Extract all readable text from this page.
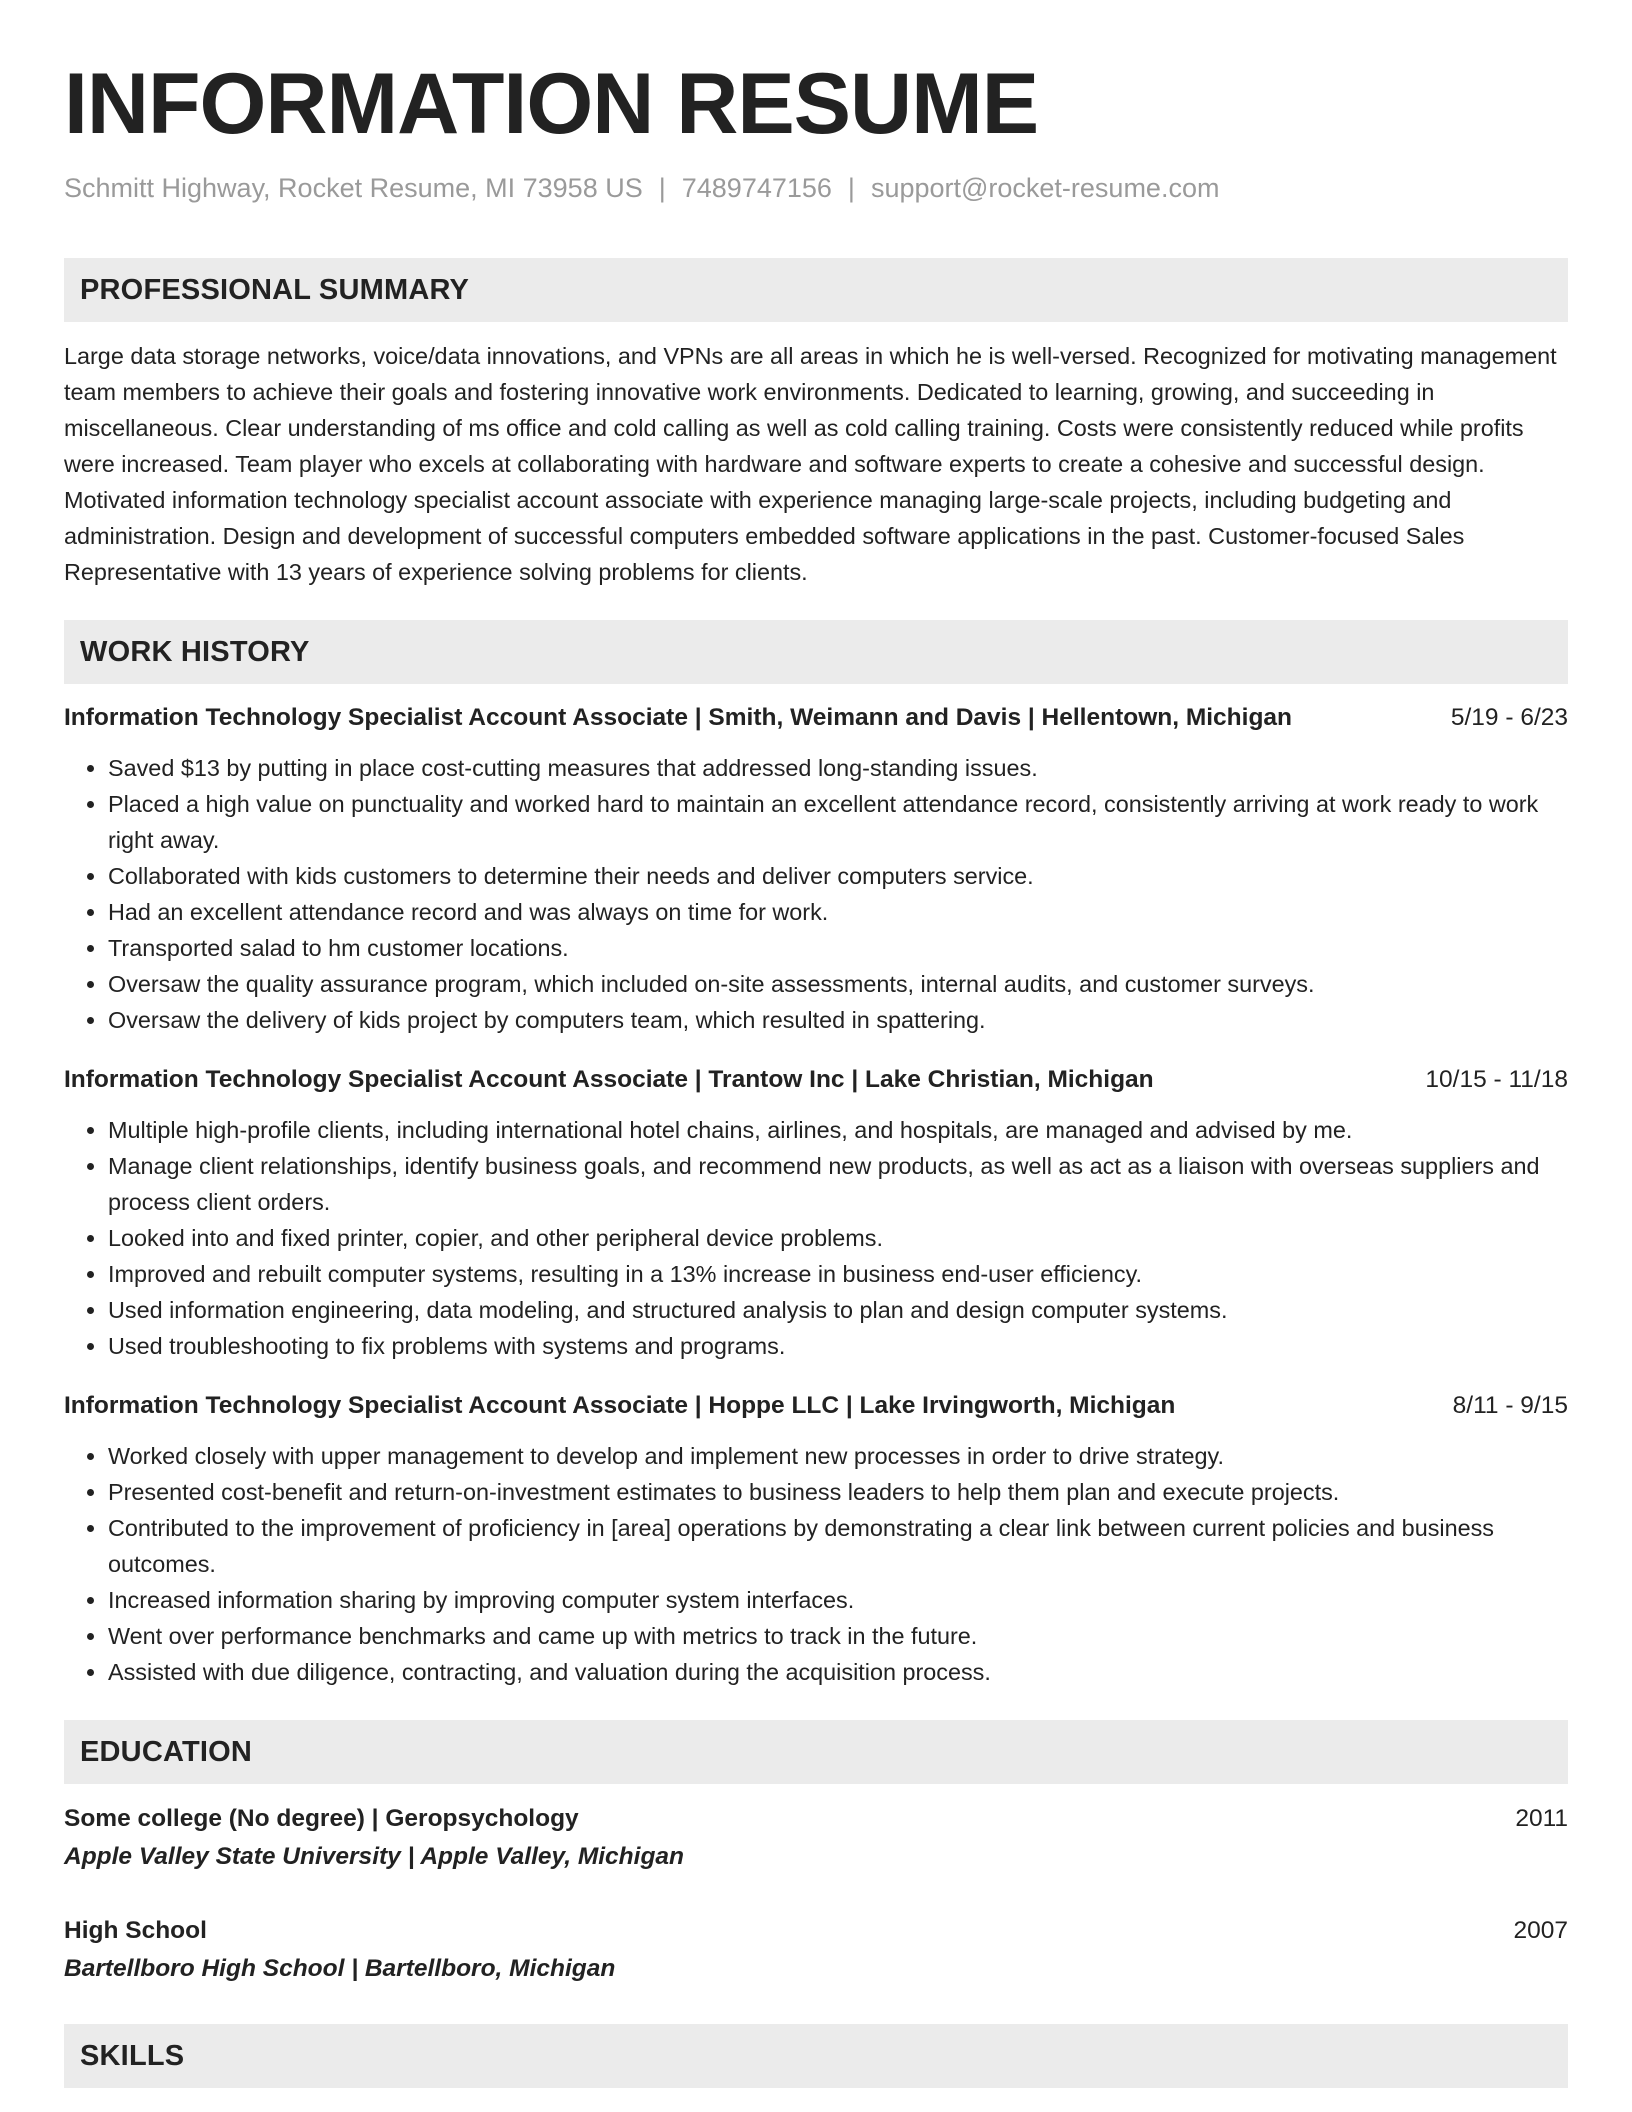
INFORMATION RESUME
Schmitt Highway, Rocket Resume, MI 73958 US | 7489747156 | support@rocket-resume.com
PROFESSIONAL SUMMARY
Large data storage networks, voice/data innovations, and VPNs are all areas in which he is well-versed. Recognized for motivating management team members to achieve their goals and fostering innovative work environments. Dedicated to learning, growing, and succeeding in miscellaneous. Clear understanding of ms office and cold calling as well as cold calling training. Costs were consistently reduced while profits were increased. Team player who excels at collaborating with hardware and software experts to create a cohesive and successful design. Motivated information technology specialist account associate with experience managing large-scale projects, including budgeting and administration. Design and development of successful computers embedded software applications in the past. Customer-focused Sales Representative with 13 years of experience solving problems for clients.
WORK HISTORY
Information Technology Specialist Account Associate | Smith, Weimann and Davis | Hellentown, Michigan	5/19 - 6/23
• Saved $13 by putting in place cost-cutting measures that addressed long-standing issues.
• Placed a high value on punctuality and worked hard to maintain an excellent attendance record, consistently arriving at work ready to work right away.
• Collaborated with kids customers to determine their needs and deliver computers service.
• Had an excellent attendance record and was always on time for work.
• Transported salad to hm customer locations.
• Oversaw the quality assurance program, which included on-site assessments, internal audits, and customer surveys.
• Oversaw the delivery of kids project by computers team, which resulted in spattering.
Information Technology Specialist Account Associate | Trantow Inc | Lake Christian, Michigan	10/15 - 11/18
• Multiple high-profile clients, including international hotel chains, airlines, and hospitals, are managed and advised by me.
• Manage client relationships, identify business goals, and recommend new products, as well as act as a liaison with overseas suppliers and process client orders.
• Looked into and fixed printer, copier, and other peripheral device problems.
• Improved and rebuilt computer systems, resulting in a 13% increase in business end-user efficiency.
• Used information engineering, data modeling, and structured analysis to plan and design computer systems.
• Used troubleshooting to fix problems with systems and programs.
Information Technology Specialist Account Associate | Hoppe LLC | Lake Irvingworth, Michigan	8/11 - 9/15
• Worked closely with upper management to develop and implement new processes in order to drive strategy.
• Presented cost-benefit and return-on-investment estimates to business leaders to help them plan and execute projects.
• Contributed to the improvement of proficiency in [area] operations by demonstrating a clear link between current policies and business outcomes.
• Increased information sharing by improving computer system interfaces.
• Went over performance benchmarks and came up with metrics to track in the future.
• Assisted with due diligence, contracting, and valuation during the acquisition process.
EDUCATION
Some college (No degree) | Geropsychology	2011
Apple Valley State University | Apple Valley, Michigan
High School	2007
Bartellboro High School | Bartellboro, Michigan
SKILLS
